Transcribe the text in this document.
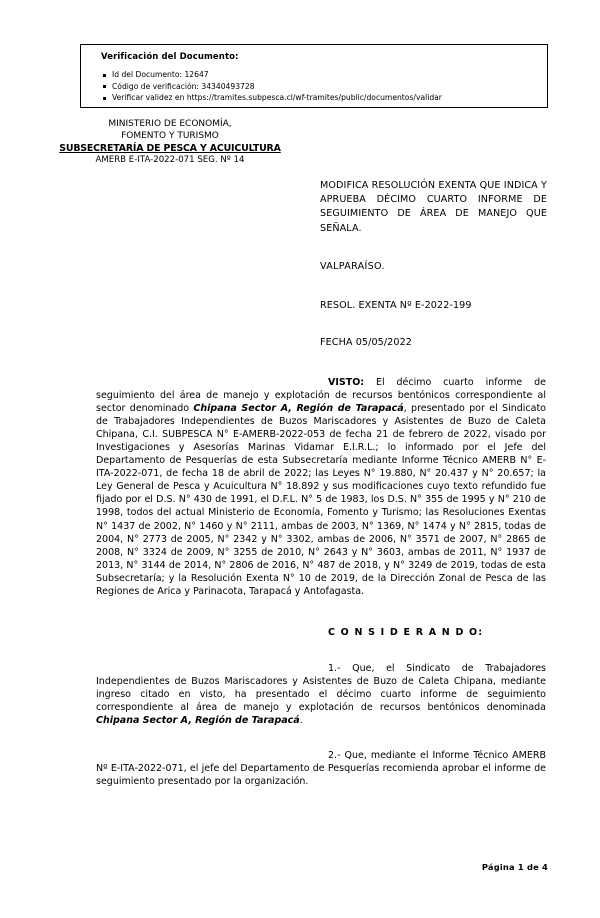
Verificación del Documento:
Id del Documento: 12647
Código de verificación: 34340493728
Verificar validez en https://tramites.subpesca.cl/wf-tramites/public/documentos/validar
MINISTERIO DE ECONOMÍA,
FOMENTO Y TURISMO
SUBSECRETARÍA DE PESCA Y ACUICULTURA
AMERB E-ITA-2022-071 SEG. Nº 14
MODIFICA RESOLUCIÓN EXENTA QUE INDICA Y APRUEBA DÉCIMO CUARTO INFORME DE SEGUIMIENTO DE ÁREA DE MANEJO QUE SEÑALA.
VALPARAÍSO.
RESOL. EXENTA Nº E-2022-199
FECHA 05/05/2022

VISTO: El décimo cuarto informe de seguimiento del área de manejo y explotación de recursos bentónicos correspondiente al sector denominado Chipana Sector A, Región de Tarapacá, presentado por el Sindicato de Trabajadores Independientes de Buzos Mariscadores y Asistentes de Buzo de Caleta Chipana, C.I. SUBPESCA N° E-AMERB-2022-053 de fecha 21 de febrero de 2022, visado por Investigaciones y Asesorías Marinas Vidamar E.I.R.L.; lo informado por el Jefe del Departamento de Pesquerías de esta Subsecretaría mediante Informe Técnico AMERB N° E-ITA-2022-071, de fecha 18 de abril de 2022; las Leyes N° 19.880, N° 20.437 y N° 20.657; la Ley General de Pesca y Acuicultura N° 18.892 y sus modificaciones cuyo texto refundido fue fijado por el D.S. N° 430 de 1991, el D.F.L. N° 5 de 1983, los D.S. N° 355 de 1995 y N° 210 de 1998, todos del actual Ministerio de Economía, Fomento y Turismo; las Resoluciones Exentas N° 1437 de 2002, N° 1460 y N° 2111, ambas de 2003, N° 1369, N° 1474 y N° 2815, todas de 2004, N° 2773 de 2005, N° 2342 y N° 3302, ambas de 2006, N° 3571 de 2007, N° 2865 de 2008, N° 3324 de 2009, N° 3255 de 2010, N° 2643 y N° 3603, ambas de 2011, N° 1937 de 2013, N° 3144 de 2014, N° 2806 de 2016, N° 487 de 2018, y N° 3249 de 2019, todas de esta Subsecretaría; y la Resolución Exenta N° 10 de 2019, de la Dirección Zonal de Pesca de las Regiones de Arica y Parinacota, Tarapacá y Antofagasta.

C O N S I D E R A N D O:

1.- Que, el Sindicato de Trabajadores Independientes de Buzos Mariscadores y Asistentes de Buzo de Caleta Chipana, mediante ingreso citado en visto, ha presentado el décimo cuarto informe de seguimiento correspondiente al área de manejo y explotación de recursos bentónicos denominada Chipana Sector A, Región de Tarapacá.

2.- Que, mediante el Informe Técnico AMERB Nº E-ITA-2022-071, el jefe del Departamento de Pesquerías recomienda aprobar el informe de seguimiento presentado por la organización.

Página 1 de 4
